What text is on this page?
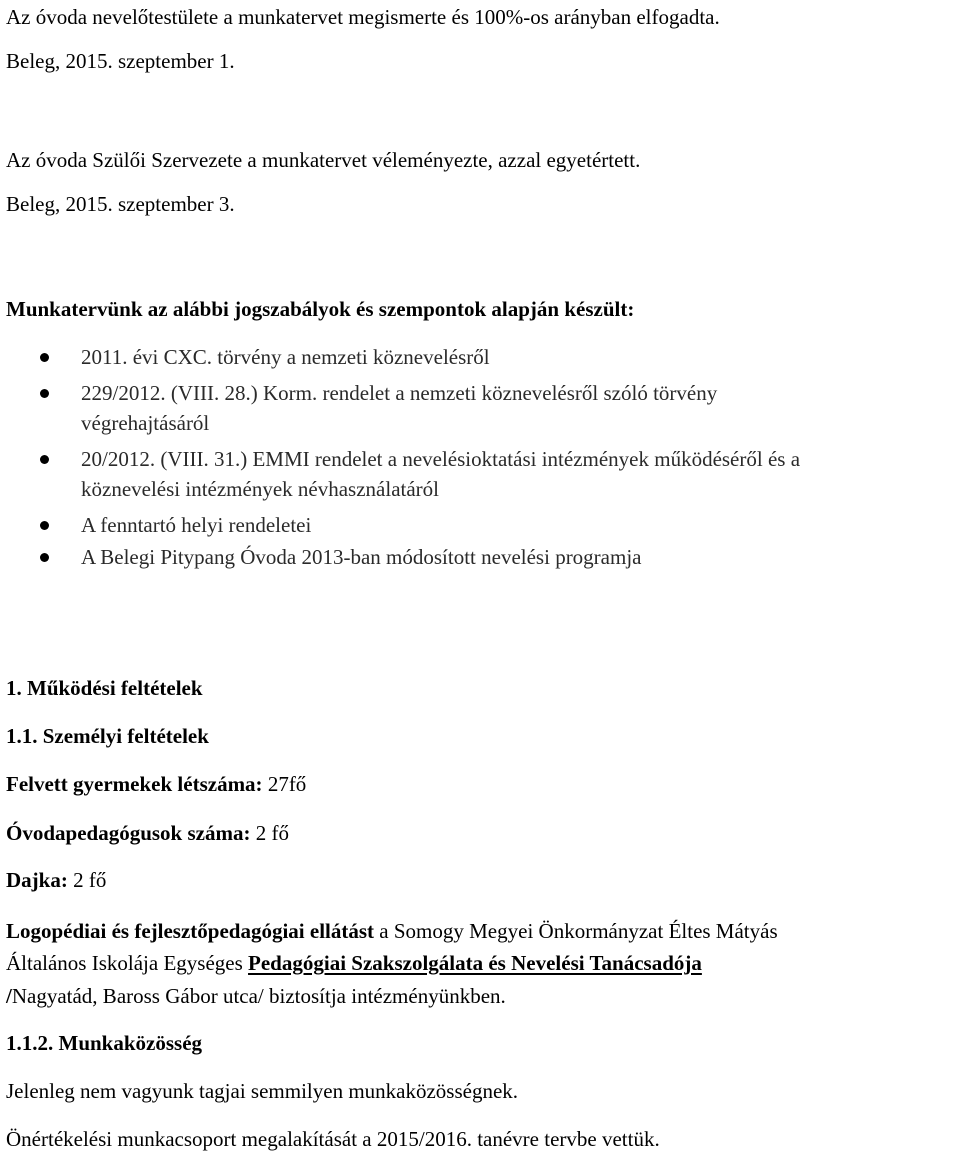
Az óvoda nevelőtestülete a munkatervet megismerte és 100%-os arányban elfogadta.
Beleg, 2015. szeptember 1.
Az óvoda Szülői Szervezete a munkatervet véleményezte, azzal egyetértett.
Beleg, 2015. szeptember 3.
Munkatervünk az alábbi jogszabályok és szempontok alapján készült:
2011. évi CXC. törvény a nemzeti köznevelésről
229/2012. (VIII. 28.) Korm. rendelet a nemzeti köznevelésről szóló törvény
végrehajtásáról
20/2012. (VIII. 31.) EMMI rendelet a nevelésioktatási intézmények működéséről és a
köznevelési intézmények névhasználatáról
A fenntartó helyi rendeletei
A Belegi Pitypang Óvoda 2013-ban módosított nevelési programja
1. Működési feltételek
1.1. Személyi feltételek
Felvett gyermekek létszáma: 27fő
Óvodapedagógusok száma: 2 fő
Dajka: 2 fő
Logopédiai és fejlesztőpedagógiai ellátást a Somogy Megyei Önkormányzat Éltes Mátyás
Általános Iskolája Egységes Pedagógiai Szakszolgálata és Nevelési Tanácsadója
/Nagyatád, Baross Gábor utca/ biztosítja intézményünkben.
1.1.2. Munkaközösség
Jelenleg nem vagyunk tagjai semmilyen munkaközösségnek.
Önértékelési munkacsoport megalakítását a 2015/2016. tanévre tervbe vettük.
